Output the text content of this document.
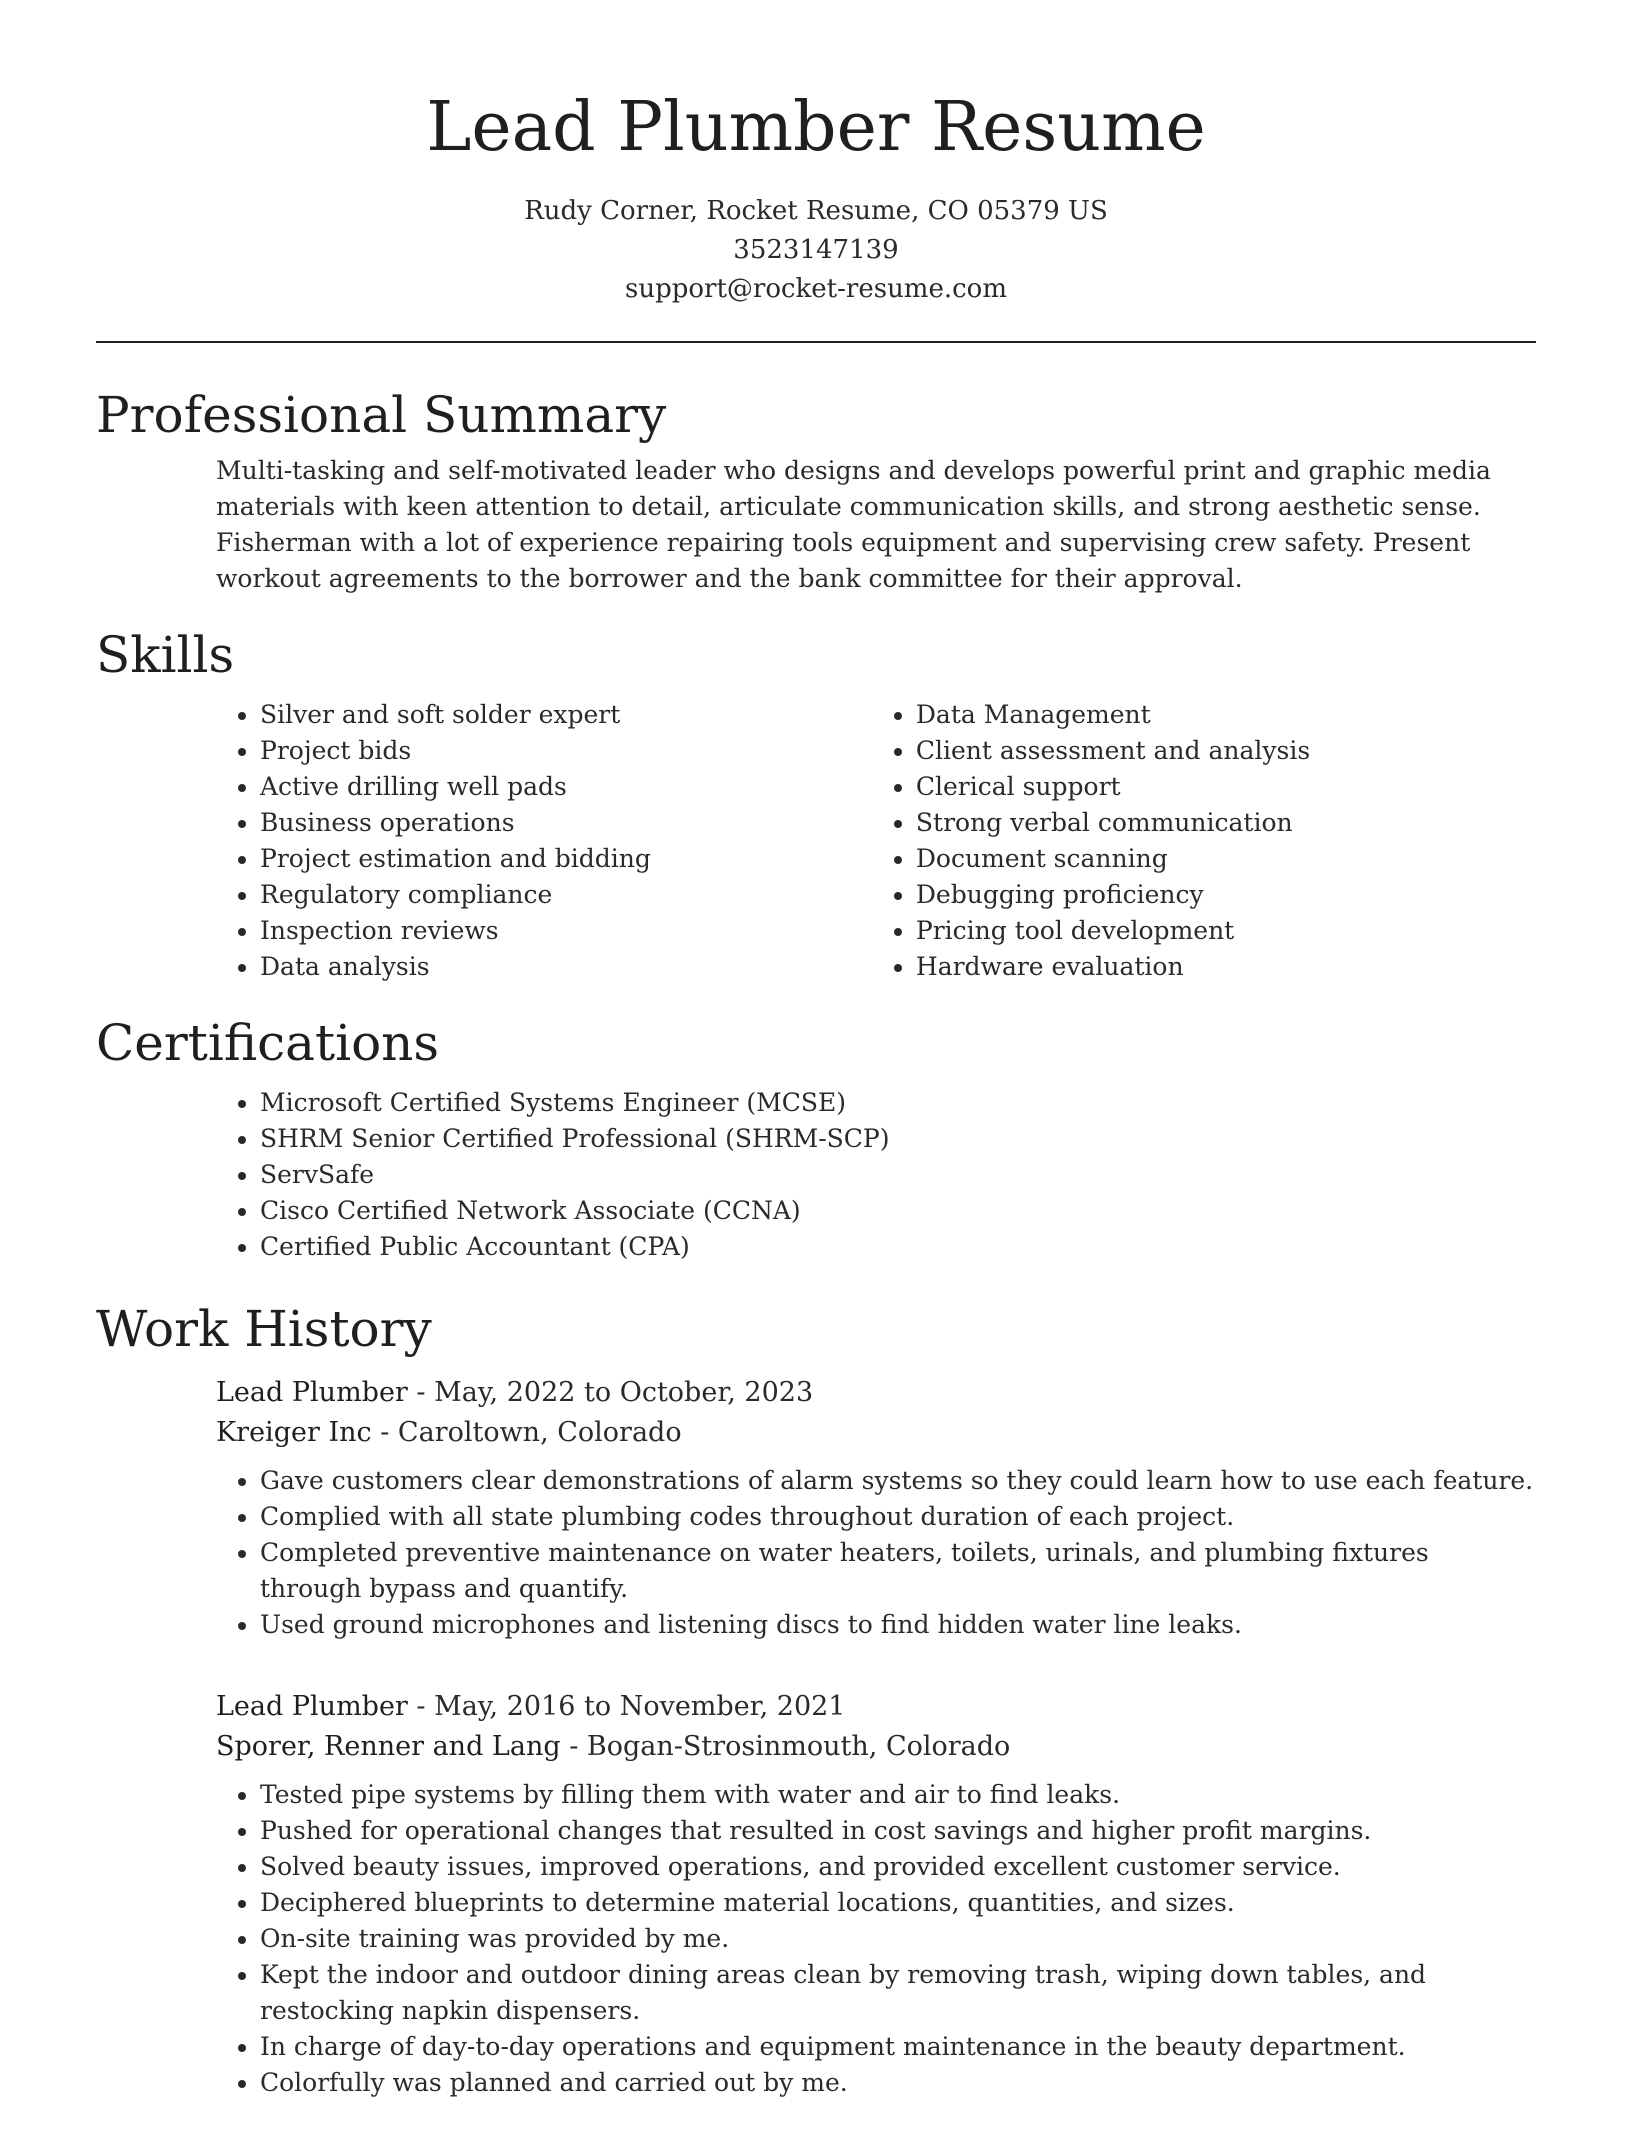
Lead Plumber Resume
Rudy Corner, Rocket Resume, CO 05379 US
3523147139
support@rocket-resume.com
Professional Summary

Multi-tasking and self-motivated leader who designs and develops powerful print and graphic media materials with keen attention to detail, articulate communication skills, and strong aesthetic sense. Fisherman with a lot of experience repairing tools equipment and supervising crew safety. Present workout agreements to the borrower and the bank committee for their approval.

Skills
• Silver and soft solder expert
• Project bids
• Active drilling well pads
• Business operations
• Project estimation and bidding
• Regulatory compliance
• Inspection reviews
• Data analysis
• Data Management
• Client assessment and analysis
• Clerical support
• Strong verbal communication
• Document scanning
• Debugging proficiency
• Pricing tool development
• Hardware evaluation
Certifications
• Microsoft Certified Systems Engineer (MCSE)
• SHRM Senior Certified Professional (SHRM-SCP)
• ServSafe
• Cisco Certified Network Associate (CCNA)
• Certified Public Accountant (CPA)
Work History
Lead Plumber - May, 2022 to October, 2023
Kreiger Inc - Caroltown, Colorado
• Gave customers clear demonstrations of alarm systems so they could learn how to use each feature.
• Complied with all state plumbing codes throughout duration of each project.
• Completed preventive maintenance on water heaters, toilets, urinals, and plumbing fixtures through bypass and quantify.
• Used ground microphones and listening discs to find hidden water line leaks.
Lead Plumber - May, 2016 to November, 2021
Sporer, Renner and Lang - Bogan-Strosinmouth, Colorado
• Tested pipe systems by filling them with water and air to find leaks.
• Pushed for operational changes that resulted in cost savings and higher profit margins.
• Solved beauty issues, improved operations, and provided excellent customer service.
• Deciphered blueprints to determine material locations, quantities, and sizes.
• On-site training was provided by me.
• Kept the indoor and outdoor dining areas clean by removing trash, wiping down tables, and restocking napkin dispensers.
• In charge of day-to-day operations and equipment maintenance in the beauty department.
• Colorfully was planned and carried out by me.
